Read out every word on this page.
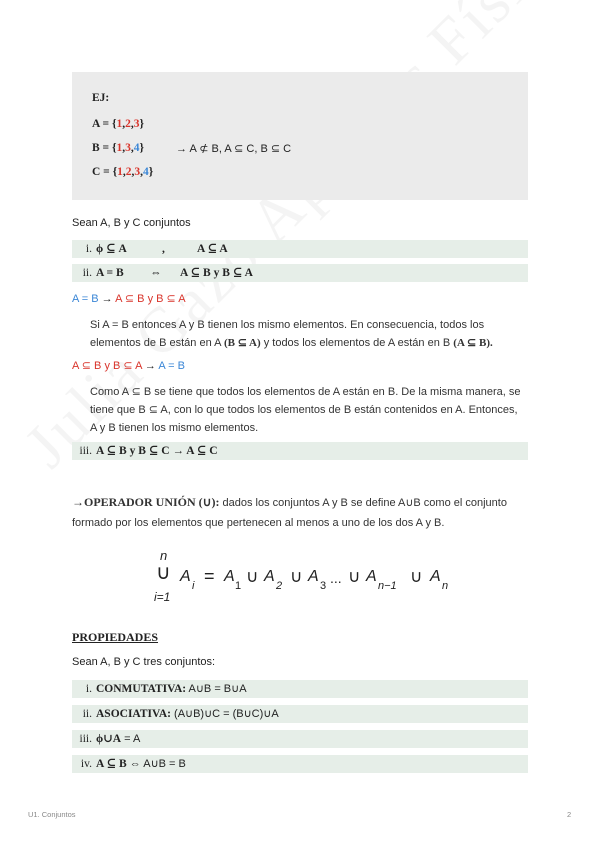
EJ:
A = {1,2,3}
B = {1,3,4}	→ A ⊄ B, A ⊆ C, B ⊆ C
C = {1,2,3,4}
Sean A, B y C conjuntos
i. ϕ ⊆ A	,	A ⊆ A
ii. A = B ⇔ A ⊆ B y B ⊆ A
A = B → A ⊆ B y B ⊆ A
Si A = B entonces A y B tienen los mismo elementos. En consecuencia, todos los elementos de B están en A (B ⊆ A) y todos los elementos de A están en B (A ⊆ B).
A ⊆ B y B ⊆ A → A = B
Como A ⊆ B se tiene que todos los elementos de A están en B. De la misma manera, se tiene que B ⊆ A, con lo que todos los elementos de B están contenidos en A. Entonces, A y B tienen los mismo elementos.
iii. A ⊆ B y B ⊆ C → A ⊆ C
→OPERADOR UNIÓN (∪): dados los conjuntos A y B se define A∪B como el conjunto formado por los elementos que pertenecen al menos a uno de los dos A y B.
n
∪
i=1
A
i = A
1 ∪ A
2 ∪ A
3 ... ∪ A
n−1 ∪ A
n
PROPIEDADES
Sean A, B y C tres conjuntos:
i. CONMUTATIVA: A∪B = B∪A
ii. ASOCIATIVA: (A∪B)∪C = (B∪C)∪A
iii. ϕ∪A = A
iv. A ⊆ B ⇔ A∪B = B
U1. Conjuntos	2
